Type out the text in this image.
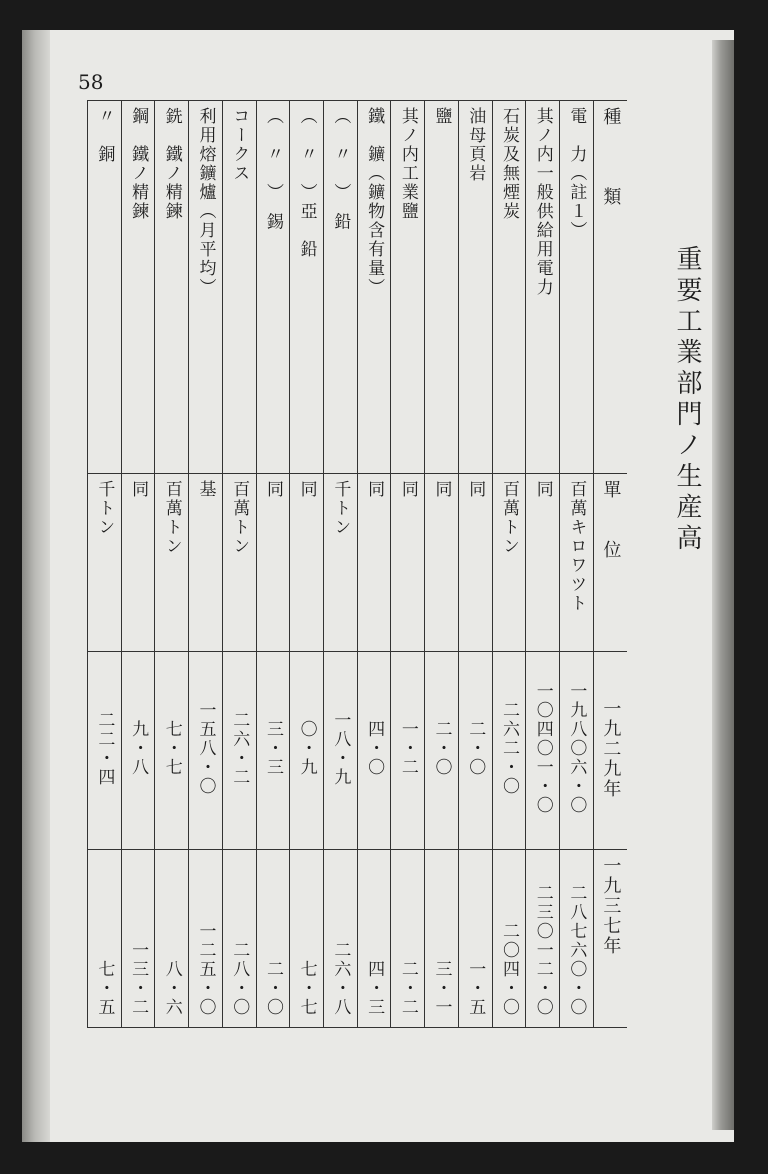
58
重要工業部門ノ生産高
種　　　類	電　力（註１）	其ノ内一般供給用電力	石炭及無煙炭	油母頁岩	鹽	其ノ内工業鹽	鐵　鑛（鑛物含有量）	鉛　（　〃　）	亞　鉛（　〃　）	錫　（　〃　）	コークス	利用熔鑛爐（月平均）	銑　鐵ノ精鍊	鋼　鐵ノ精鍊	銅　〃
單　　位	百萬キロワツト	同	百萬トン	同	同	同	同	千トン	同	同	百萬トン	基	百萬トン	同	千トン
一九二九年	一九八〇六・〇	一〇四〇一・〇	二六二・〇	二・〇	二・〇	一・二	四・〇	一八・九	〇・九	三・三	二六・二	一五八・〇	七・七	九・八	二二・四
一九三七年	二八七六〇・〇	二三〇一二・〇	二〇四・〇	一・五	三・一	二・二	四・三	二六・八	七・七	二・〇	二八・〇	一二五・〇	八・六	一三・二	七・五
